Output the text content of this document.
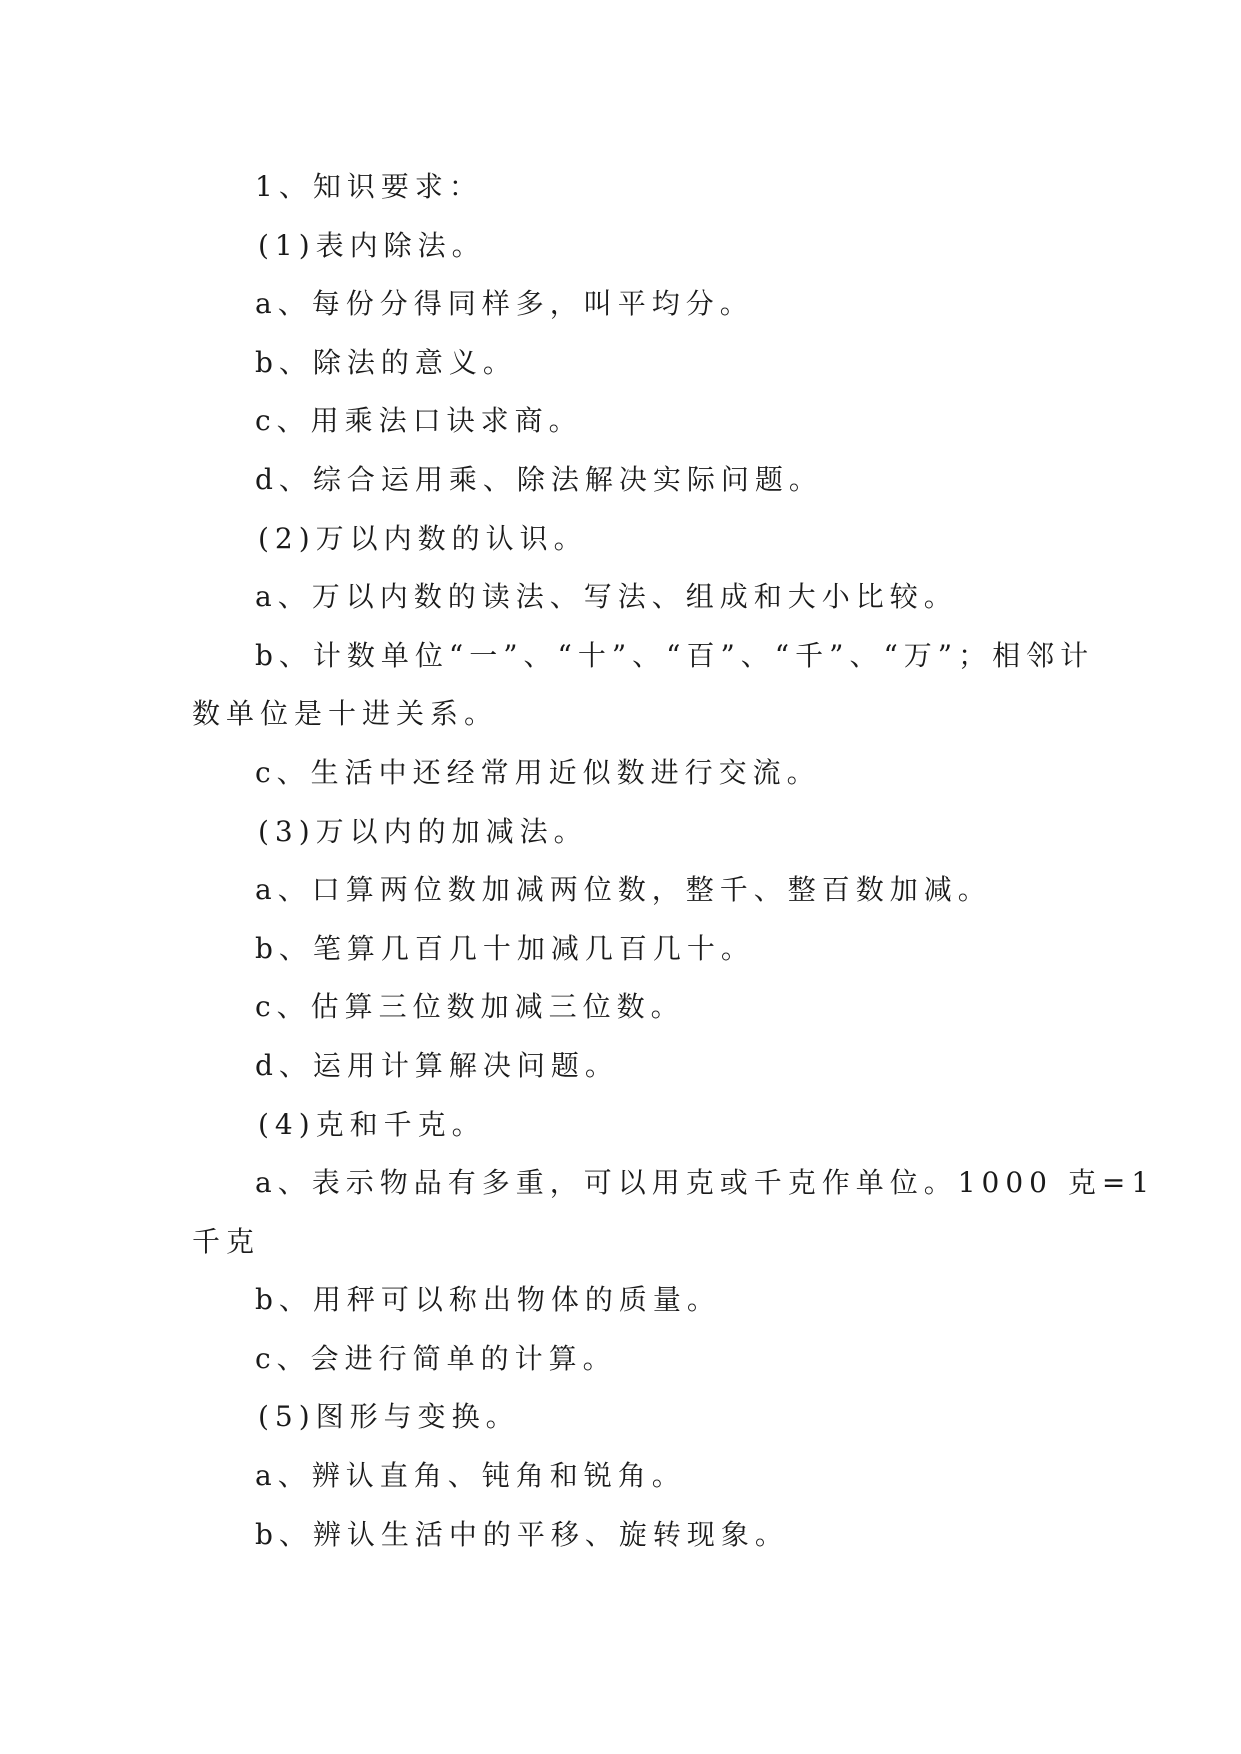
1、知识要求：
(1)表内除法。
a、每份分得同样多，叫平均分。
b、除法的意义。
c、用乘法口诀求商。
d、综合运用乘、除法解决实际问题。
(2)万以内数的认识。
a、万以内数的读法、写法、组成和大小比较。
b、计数单位“一”、“十”、“百”、“千”、“万”；相邻计
数单位是十进关系。
c、生活中还经常用近似数进行交流。
(3)万以内的加减法。
a、口算两位数加减两位数，整千、整百数加减。
b、笔算几百几十加减几百几十。
c、估算三位数加减三位数。
d、运用计算解决问题。
(4)克和千克。
a、表示物品有多重，可以用克或千克作单位。1000 克=1
千克
b、用秤可以称出物体的质量。
c、会进行简单的计算。
(5)图形与变换。
a、辨认直角、钝角和锐角。
b、辨认生活中的平移、旋转现象。
